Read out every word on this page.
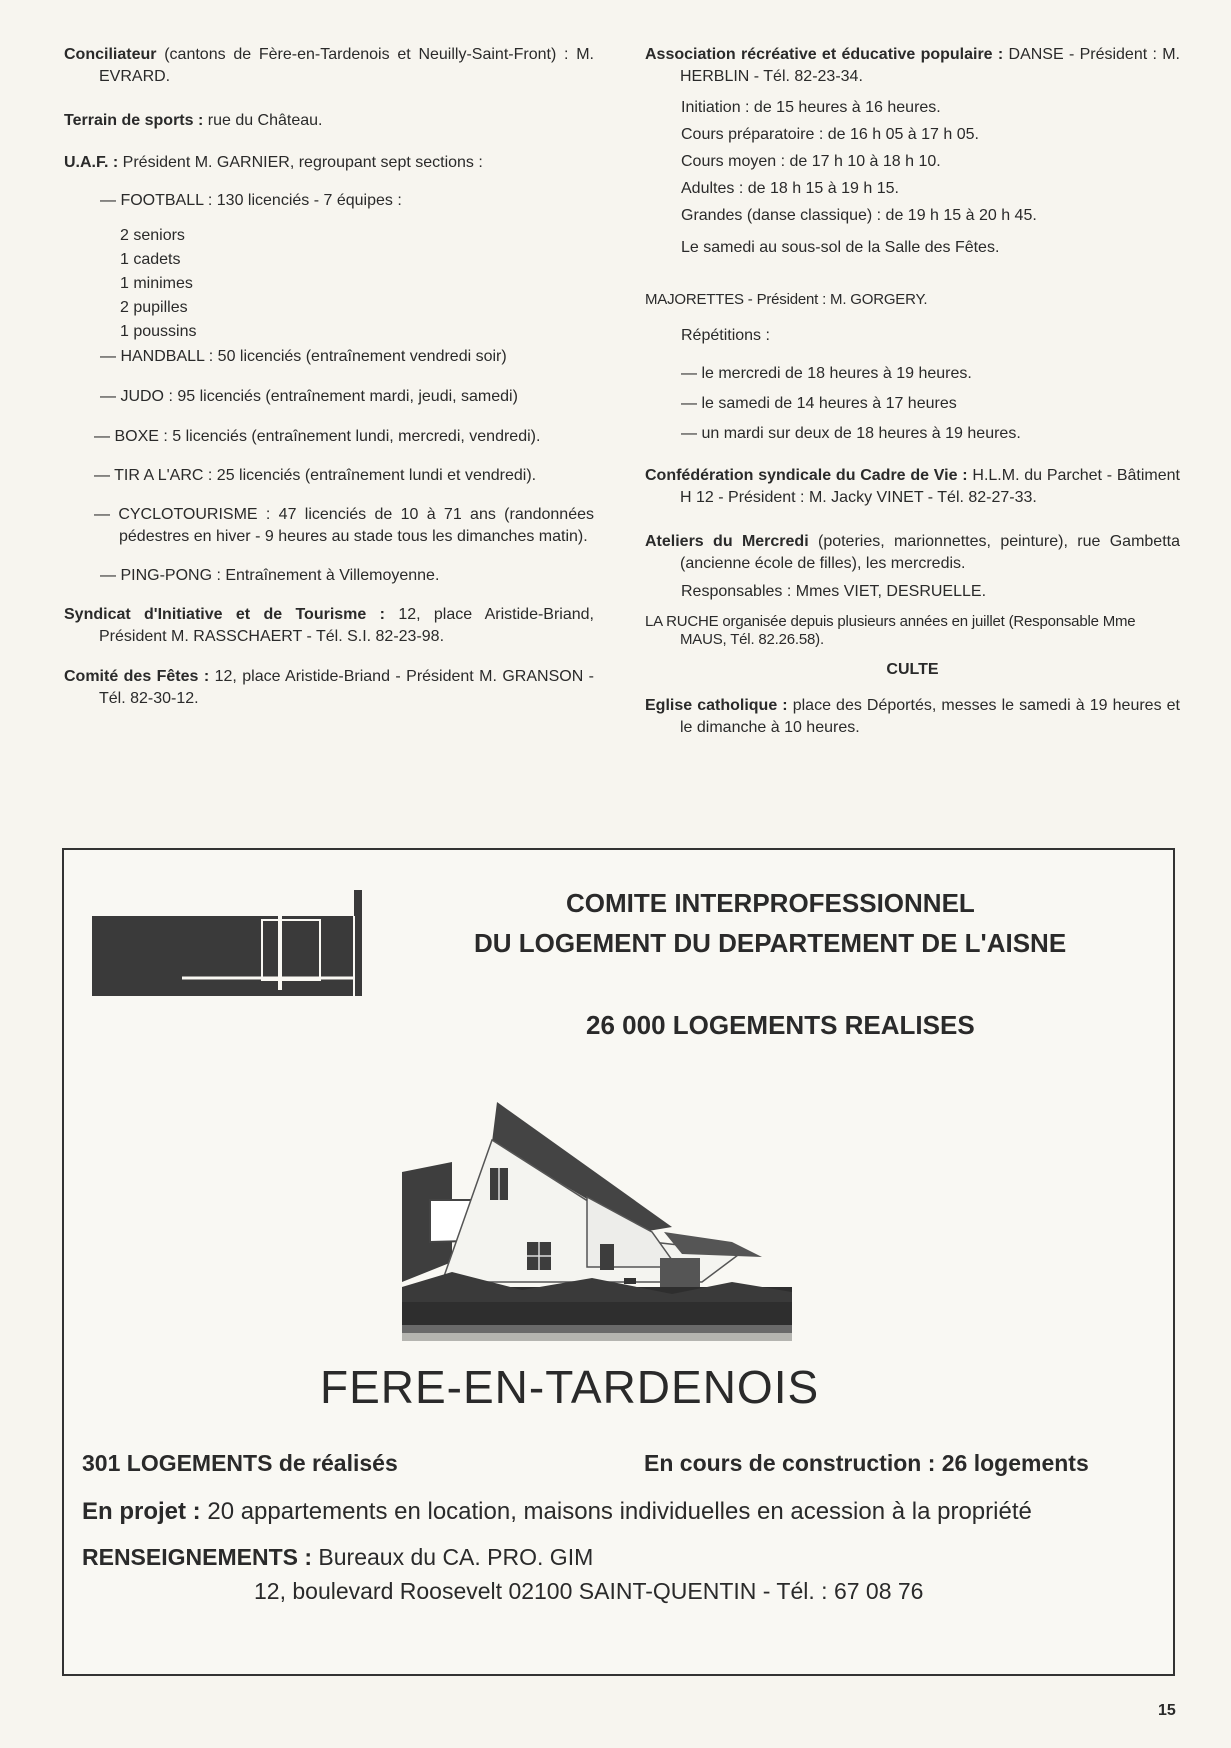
Conciliateur (cantons de Fère-en-Tardenois et Neuilly-Saint-Front) : M. EVRARD.

Terrain de sports : rue du Château.

U.A.F. : Président M. GARNIER, regroupant sept sections :

— FOOTBALL : 130 licenciés - 7 équipes :

2 seniors

1 cadets

1 minimes

2 pupilles

1 poussins

— HANDBALL : 50 licenciés (entraînement vendredi soir)

— JUDO : 95 licenciés (entraînement mardi, jeudi, samedi)

— BOXE : 5 licenciés (entraînement lundi, mercredi, vendredi).

— TIR A L'ARC : 25 licenciés (entraînement lundi et vendredi).

— CYCLOTOURISME : 47 licenciés de 10 à 71 ans (randonnées pédestres en hiver - 9 heures au stade tous les dimanches matin).

— PING-PONG : Entraînement à Villemoyenne.

Syndicat d'Initiative et de Tourisme : 12, place Aristide-Briand, Président M. RASSCHAERT - Tél. S.I. 82-23-98.

Comité des Fêtes : 12, place Aristide-Briand - Président M. GRANSON - Tél. 82-30-12.

Association récréative et éducative populaire : DANSE - Président : M. HERBLIN - Tél. 82-23-34.

Initiation : de 15 heures à 16 heures.

Cours préparatoire : de 16 h 05 à 17 h 05.

Cours moyen : de 17 h 10 à 18 h 10.

Adultes : de 18 h 15 à 19 h 15.

Grandes (danse classique) : de 19 h 15 à 20 h 45.

Le samedi au sous-sol de la Salle des Fêtes.

MAJORETTES - Président : M. GORGERY.

Répétitions :

— le mercredi de 18 heures à 19 heures.

— le samedi de 14 heures à 17 heures

— un mardi sur deux de 18 heures à 19 heures.

Confédération syndicale du Cadre de Vie : H.L.M. du Parchet - Bâtiment H 12 - Président : M. Jacky VINET - Tél. 82-27-33.

Ateliers du Mercredi (poteries, marionnettes, peinture), rue Gambetta (ancienne école de filles), les mercredis.

Responsables : Mmes VIET, DESRUELLE.

LA RUCHE organisée depuis plusieurs années en juillet (Responsable Mme MAUS, Tél. 82.26.58).

CULTE

Eglise catholique : place des Déportés, messes le samedi à 19 heures et le dimanche à 10 heures.

COMITE INTERPROFESSIONNEL
DU LOGEMENT DU DEPARTEMENT DE L'AISNE
26 000 LOGEMENTS REALISES
FERE-EN-TARDENOIS
301 LOGEMENTS de réalisés	En cours de construction : 26 logements
En projet : 20 appartements en location, maisons individuelles en acession à la propriété
RENSEIGNEMENTS : Bureaux du CA. PRO. GIM
12, boulevard Roosevelt 02100 SAINT-QUENTIN - Tél. : 67 08 76
15
